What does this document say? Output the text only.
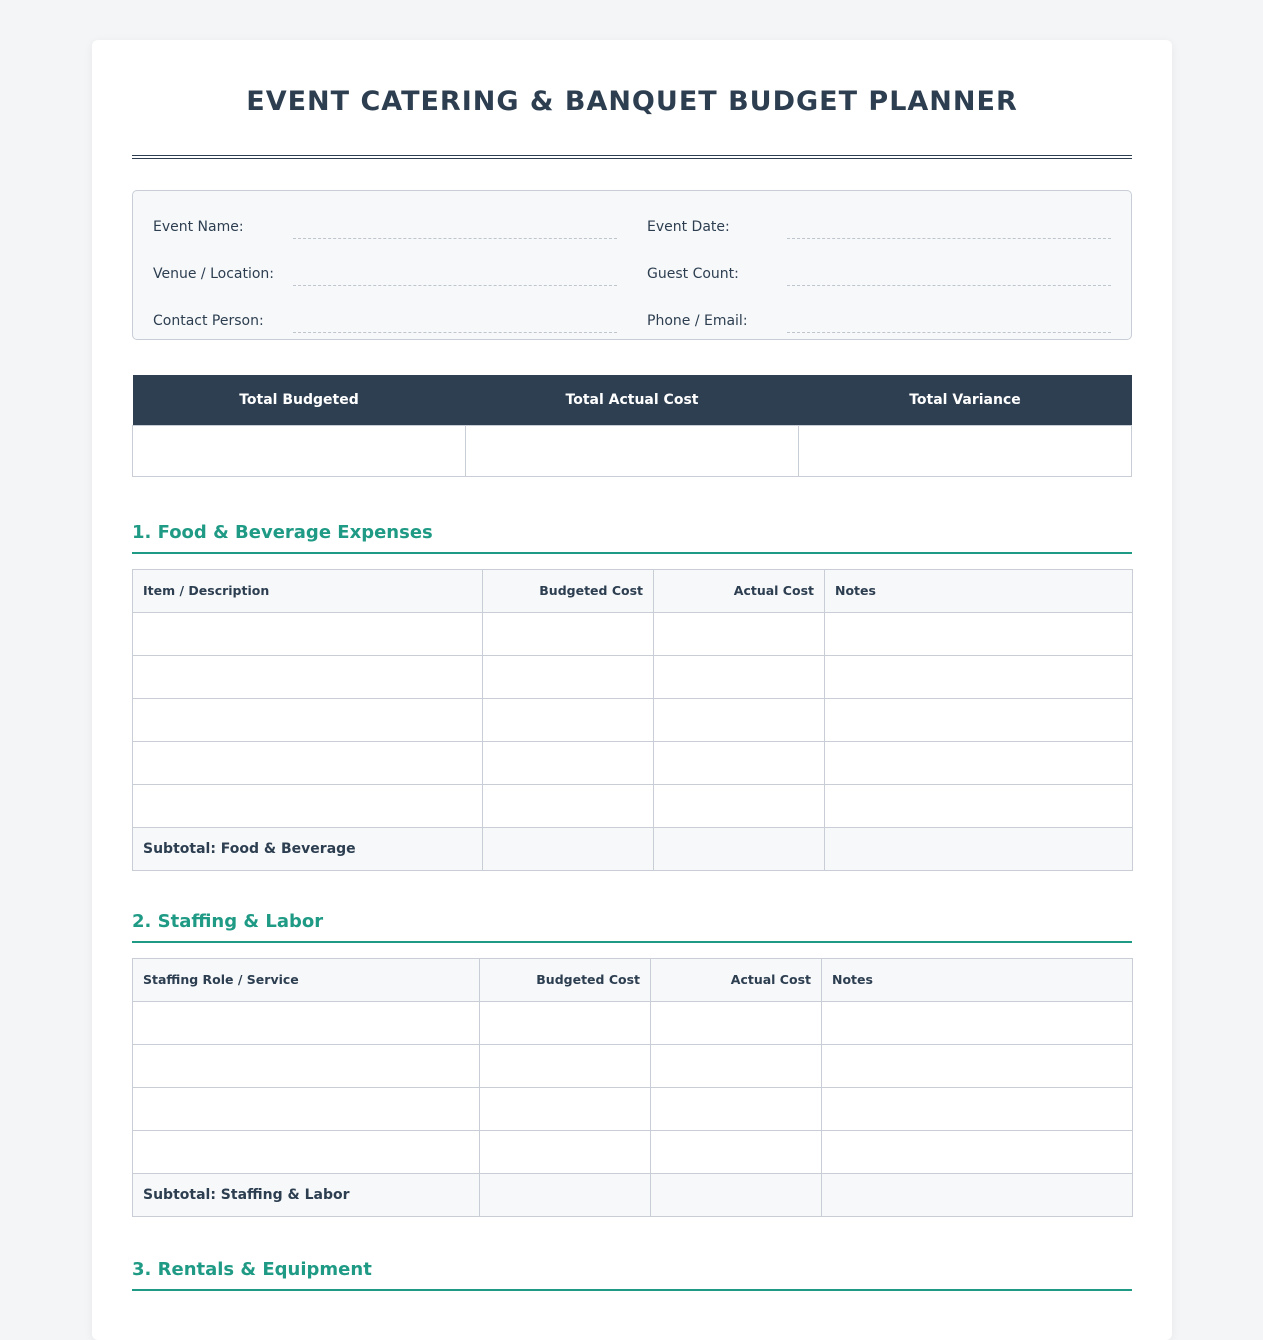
EVENT CATERING & BANQUET BUDGET PLANNER
Event Name:	Event Date:
Venue / Location:	Guest Count:
Contact Person:	Phone / Email:
Total Budgeted	Total Actual Cost	Total Variance

1. Food & Beverage Expenses
Item / Description	Budgeted Cost	Actual Cost	Notes

Subtotal: Food & Beverage			
2. Staffing & Labor
Staffing Role / Service	Budgeted Cost	Actual Cost	Notes

Subtotal: Staffing & Labor			
3. Rentals & Equipment
